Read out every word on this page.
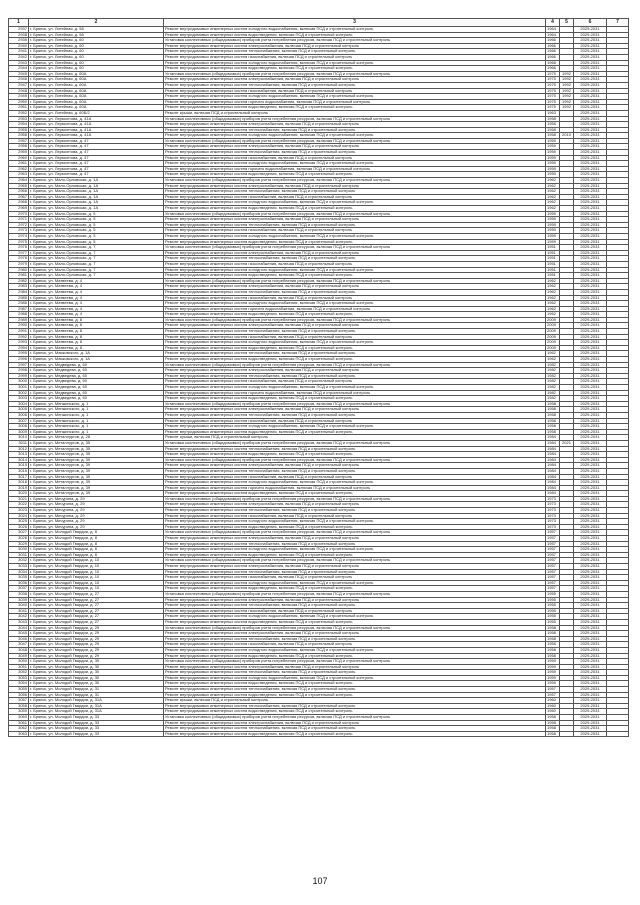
1	2	3	4	5	6	7
2937	г. Брянск, ул. Литейная, д. 58	Ремонт внутридомовых инженерных систем холодного водоснабжения, включая ПСД и строительный контроль	1964		2029-2031	
2938	г. Брянск, ул. Литейная, д. 58	Ремонт внутридомовых инженерных систем водоотведения, включая ПСД и строительный контроль	1964		2029-2031	
2939	г. Брянск, ул. Литейная, д. 60	Установка коллективных (общедомовых) приборов учета потребления ресурсов, включая ПСД и строительный контроль	1966		2029-2031	
2940	г. Брянск, ул. Литейная, д. 60	Ремонт внутридомовых инженерных систем электроснабжения, включая ПСД и строительный контроль	1966		2029-2031	
2941	г. Брянск, ул. Литейная, д. 60	Ремонт внутридомовых инженерных систем теплоснабжения, включая ПСД и строительный контроль	1966		2029-2031	
2942	г. Брянск, ул. Литейная, д. 60	Ремонт внутридомовых инженерных систем газоснабжения, включая ПСД и строительный контроль	1966		2029-2031	
2943	г. Брянск, ул. Литейная, д. 60	Ремонт внутридомовых инженерных систем холодного водоснабжения, включая ПСД и строительный контроль	1966		2029-2031	
2944	г. Брянск, ул. Литейная, д. 60	Ремонт внутридомовых инженерных систем водоотведения, включая ПСД и строительный контроль	1966		2029-2031	
2945	г. Брянск, ул. Литейная, д. 60А	Установка коллективных (общедомовых) приборов учета потребления ресурсов, включая ПСД и строительный контроль	1975	1992	2029-2031	
2946	г. Брянск, ул. Литейная, д. 60А	Ремонт внутридомовых инженерных систем электроснабжения, включая ПСД и строительный контроль	1975	1992	2029-2031	
2947	г. Брянск, ул. Литейная, д. 60А	Ремонт внутридомовых инженерных систем теплоснабжения, включая ПСД и строительный контроль	1975	1992	2029-2031	
2948	г. Брянск, ул. Литейная, д. 60А	Ремонт внутридомовых инженерных систем газоснабжения, включая ПСД и строительный контроль	1975	1992	2029-2031	
2949	г. Брянск, ул. Литейная, д. 60А	Ремонт внутридомовых инженерных систем холодного водоснабжения, включая ПСД и строительный контроль	1975	1992	2029-2031	
2950	г. Брянск, ул. Литейная, д. 60А	Ремонт внутридомовых инженерных систем горячего водоснабжения, включая ПСД и строительный контроль	1975	1992	2029-2031	
2951	г. Брянск, ул. Литейная, д. 60А	Ремонт внутридомовых инженерных систем водоотведения, включая ПСД и строительный контроль	1975	1992	2029-2031	
2952	г. Брянск, ул. Литейная, д. 60Б/2	Ремонт крыши, включая ПСД и строительный контроль	1963		2029-2031	
2953	г. Брянск, ул. Лермонтова, д. 41А	Установка коллективных (общедомовых) приборов учета потребления ресурсов, включая ПСД и строительный контроль	1958		2029-2031	
2954	г. Брянск, ул. Лермонтова, д. 41А	Ремонт внутридомовых инженерных систем электроснабжения, включая ПСД и строительный контроль	1958		2029-2031	
2955	г. Брянск, ул. Лермонтова, д. 41А	Ремонт внутридомовых инженерных систем теплоснабжения, включая ПСД и строительный контроль	1958		2029-2031	
2956	г. Брянск, ул. Лермонтова, д. 41А	Ремонт внутридомовых инженерных систем холодного водоснабжения, включая ПСД и строительный контроль	1958	2010	2029-2031	
2957	г. Брянск, ул. Лермонтова, д. 47	Установка коллективных (общедомовых) приборов учета потребления ресурсов, включая ПСД и строительный контроль	1959		2029-2031	
2958	г. Брянск, ул. Лермонтова, д. 47	Ремонт внутридомовых инженерных систем электроснабжения, включая ПСД и строительный контроль	1959		2029-2031	
2959	г. Брянск, ул. Лермонтова, д. 47	Ремонт внутридомовых инженерных систем теплоснабжения, включая ПСД и строительный контроль	1959		2029-2031	
2960	г. Брянск, ул. Лермонтова, д. 47	Ремонт внутридомовых инженерных систем газоснабжения, включая ПСД и строительный контроль	1959		2029-2031	
2961	г. Брянск, ул. Лермонтова, д. 47	Ремонт внутридомовых инженерных систем холодного водоснабжения, включая ПСД и строительный контроль	1959		2029-2031	
2962	г. Брянск, ул. Лермонтова, д. 47	Ремонт внутридомовых инженерных систем горячего водоснабжения, включая ПСД и строительный контроль	1959		2029-2031	
2963	г. Брянск, ул. Лермонтова, д. 47	Ремонт внутридомовых инженерных систем водоотведения, включая ПСД и строительный контроль	1959		2029-2031	
2964	г. Брянск, ул. Мало-Орловская, д. 1А	Установка коллективных (общедомовых) приборов учета потребления ресурсов, включая ПСД и строительный контроль	1962		2029-2031	
2965	г. Брянск, ул. Мало-Орловская, д. 1А	Ремонт внутридомовых инженерных систем электроснабжения, включая ПСД и строительный контроль	1962		2029-2031	
2966	г. Брянск, ул. Мало-Орловская, д. 1А	Ремонт внутридомовых инженерных систем теплоснабжения, включая ПСД и строительный контроль	1962		2029-2031	
2967	г. Брянск, ул. Мало-Орловская, д. 1А	Ремонт внутридомовых инженерных систем газоснабжения, включая ПСД и строительный контроль	1962		2029-2031	
2968	г. Брянск, ул. Мало-Орловская, д. 1А	Ремонт внутридомовых инженерных систем холодного водоснабжения, включая ПСД и строительный контроль	1962		2029-2031	
2969	г. Брянск, ул. Мало-Орловская, д. 1А	Ремонт внутридомовых инженерных систем водоотведения, включая ПСД и строительный контроль	1962		2029-2031	
2970	г. Брянск, ул. Мало-Орловская, д. 5	Установка коллективных (общедомовых) приборов учета потребления ресурсов, включая ПСД и строительный контроль	1959		2029-2031	
2971	г. Брянск, ул. Мало-Орловская, д. 5	Ремонт внутридомовых инженерных систем электроснабжения, включая ПСД и строительный контроль	1959		2029-2031	
2972	г. Брянск, ул. Мало-Орловская, д. 5	Ремонт внутридомовых инженерных систем теплоснабжения, включая ПСД и строительный контроль	1959		2029-2031	
2973	г. Брянск, ул. Мало-Орловская, д. 5	Ремонт внутридомовых инженерных систем газоснабжения, включая ПСД и строительный контроль	1959		2029-2031	
2974	г. Брянск, ул. Мало-Орловская, д. 5	Ремонт внутридомовых инженерных систем холодного водоснабжения, включая ПСД и строительный контроль	1959		2029-2031	
2975	г. Брянск, ул. Мало-Орловская, д. 5	Ремонт внутридомовых инженерных систем водоотведения, включая ПСД и строительный контроль	1959		2029-2031	
2976	г. Брянск, ул. Мало-Орловская, д. 7	Установка коллективных (общедомовых) приборов учета потребления ресурсов, включая ПСД и строительный контроль	1951		2029-2031	
2977	г. Брянск, ул. Мало-Орловская, д. 7	Ремонт внутридомовых инженерных систем электроснабжения, включая ПСД и строительный контроль	1951		2029-2031	
2978	г. Брянск, ул. Мало-Орловская, д. 7	Ремонт внутридомовых инженерных систем теплоснабжения, включая ПСД и строительный контроль	1951		2029-2031	
2979	г. Брянск, ул. Мало-Орловская, д. 7	Ремонт внутридомовых инженерных систем газоснабжения, включая ПСД и строительный контроль	1951		2029-2031	
2980	г. Брянск, ул. Мало-Орловская, д. 7	Ремонт внутридомовых инженерных систем холодного водоснабжения, включая ПСД и строительный контроль	1951		2029-2031	
2981	г. Брянск, ул. Мало-Орловская, д. 7	Ремонт внутридомовых инженерных систем водоотведения, включая ПСД и строительный контроль	1951		2029-2031	
2982	г. Брянск, ул. Матвеева, д. 4	Установка коллективных (общедомовых) приборов учета потребления ресурсов, включая ПСД и строительный контроль	1962		2029-2031	
2983	г. Брянск, ул. Матвеева, д. 4	Ремонт внутридомовых инженерных систем электроснабжения, включая ПСД и строительный контроль	1962		2029-2031	
2984	г. Брянск, ул. Матвеева, д. 4	Ремонт внутридомовых инженерных систем теплоснабжения, включая ПСД и строительный контроль	1962		2029-2031	
2985	г. Брянск, ул. Матвеева, д. 4	Ремонт внутридомовых инженерных систем газоснабжения, включая ПСД и строительный контроль	1962		2029-2031	
2986	г. Брянск, ул. Матвеева, д. 4	Ремонт внутридомовых инженерных систем холодного водоснабжения, включая ПСД и строительный контроль	1962		2029-2031	
2987	г. Брянск, ул. Матвеева, д. 4	Ремонт внутридомовых инженерных систем горячего водоснабжения, включая ПСД и строительный контроль	1962		2029-2031	
2988	г. Брянск, ул. Матвеева, д. 4	Ремонт внутридомовых инженерных систем водоотведения, включая ПСД и строительный контроль	1962		2029-2031	
2989	г. Брянск, ул. Матвеева, д. 8	Установка коллективных (общедомовых) приборов учета потребления ресурсов, включая ПСД и строительный контроль	2009		2029-2031	
2990	г. Брянск, ул. Матвеева, д. 8	Ремонт внутридомовых инженерных систем электроснабжения, включая ПСД и строительный контроль	2009		2029-2031	
2991	г. Брянск, ул. Матвеева, д. 8	Ремонт внутридомовых инженерных систем теплоснабжения, включая ПСД и строительный контроль	2009		2029-2031	
2992	г. Брянск, ул. Матвеева, д. 8	Ремонт внутридомовых инженерных систем газоснабжения, включая ПСД и строительный контроль	2009		2029-2031	
2993	г. Брянск, ул. Матвеева, д. 8	Ремонт внутридомовых инженерных систем холодного водоснабжения, включая ПСД и строительный контроль	2009		2029-2031	
2994	г. Брянск, ул. Матвеева, д. 8	Ремонт внутридомовых инженерных систем водоотведения, включая ПСД и строительный контроль	2009		2029-2031	
2995	г. Брянск, ул. Маяковского, д. 1А	Ремонт внутридомовых инженерных систем теплоснабжения, включая ПСД и строительный контроль	1962		2029-2031	
2996	г. Брянск, ул. Маяковского, д. 1А	Ремонт внутридомовых инженерных систем водоотведения, включая ПСД и строительный контроль	1962		2029-2031	
2997	г. Брянск, ул. Медведева, д. 60	Установка коллективных (общедомовых) приборов учета потребления ресурсов, включая ПСД и строительный контроль	1982		2029-2031	
2998	г. Брянск, ул. Медведева, д. 60	Ремонт внутридомовых инженерных систем электроснабжения, включая ПСД и строительный контроль	1982		2029-2031	
2999	г. Брянск, ул. Медведева, д. 60	Ремонт внутридомовых инженерных систем теплоснабжения, включая ПСД и строительный контроль	1982		2029-2031	
3000	г. Брянск, ул. Медведева, д. 60	Ремонт внутридомовых инженерных систем газоснабжения, включая ПСД и строительный контроль	1982		2029-2031	
3001	г. Брянск, ул. Медведева, д. 60	Ремонт внутридомовых инженерных систем холодного водоснабжения, включая ПСД и строительный контроль	1982		2029-2031	
3002	г. Брянск, ул. Медведева, д. 60	Ремонт внутридомовых инженерных систем горячего водоснабжения, включая ПСД и строительный контроль	1982		2029-2031	
3003	г. Брянск, ул. Медведева, д. 60	Ремонт внутридомовых инженерных систем водоотведения, включая ПСД и строительный контроль	1982		2029-2031	
3004	г. Брянск, ул. Менжинского, д. 1	Установка коллективных (общедомовых) приборов учета потребления ресурсов, включая ПСД и строительный контроль	1958		2029-2031	
3005	г. Брянск, ул. Менжинского, д. 1	Ремонт внутридомовых инженерных систем электроснабжения, включая ПСД и строительный контроль	1958		2029-2031	
3006	г. Брянск, ул. Менжинского, д. 1	Ремонт внутридомовых инженерных систем теплоснабжения, включая ПСД и строительный контроль	1958		2029-2031	
3007	г. Брянск, ул. Менжинского, д. 1	Ремонт внутридомовых инженерных систем газоснабжения, включая ПСД и строительный контроль	1958		2029-2031	
3008	г. Брянск, ул. Менжинского, д. 1	Ремонт внутридомовых инженерных систем холодного водоснабжения, включая ПСД и строительный контроль	1958		2029-2031	
3009	г. Брянск, ул. Менжинского, д. 1	Ремонт внутридомовых инженерных систем водоотведения, включая ПСД и строительный контроль	1958		2029-2031	
3010	г. Брянск, ул. Металлургов, д. 28	Ремонт крыши, включая ПСД и строительный контроль	1984		2029-2031	
3011	г. Брянск, ул. Металлургов, д. 35	Установка коллективных (общедомовых) приборов учета потребления ресурсов, включая ПСД и строительный контроль	1984	2021	2029-2031	
3012	г. Брянск, ул. Металлургов, д. 35	Ремонт внутридомовых инженерных систем теплоснабжения, включая ПСД и строительный контроль	1984		2029-2031	
3013	г. Брянск, ул. Металлургов, д. 35	Ремонт внутридомовых инженерных систем водоотведения, включая ПСД и строительный контроль	1984		2029-2031	
3014	г. Брянск, ул. Металлургов, д. 39	Установка коллективных (общедомовых) приборов учета потребления ресурсов, включая ПСД и строительный контроль	1984		2029-2031	
3015	г. Брянск, ул. Металлургов, д. 39	Ремонт внутридомовых инженерных систем электроснабжения, включая ПСД и строительный контроль	1984		2029-2031	
3016	г. Брянск, ул. Металлургов, д. 39	Ремонт внутридомовых инженерных систем теплоснабжения, включая ПСД и строительный контроль	1984		2029-2031	
3017	г. Брянск, ул. Металлургов, д. 39	Ремонт внутридомовых инженерных систем газоснабжения, включая ПСД и строительный контроль	1984		2029-2031	
3018	г. Брянск, ул. Металлургов, д. 39	Ремонт внутридомовых инженерных систем холодного водоснабжения, включая ПСД и строительный контроль	1984		2029-2031	
3019	г. Брянск, ул. Металлургов, д. 39	Ремонт внутридомовых инженерных систем горячего водоснабжения, включая ПСД и строительный контроль	1984		2029-2031	
3020	г. Брянск, ул. Металлургов, д. 39	Ремонт внутридомовых инженерных систем водоотведения, включая ПСД и строительный контроль	1984		2029-2031	
3021	г. Брянск, ул. Мичурина, д. 29	Установка коллективных (общедомовых) приборов учета потребления ресурсов, включая ПСД и строительный контроль	1973		2029-2031	
3022	г. Брянск, ул. Мичурина, д. 29	Ремонт внутридомовых инженерных систем электроснабжения, включая ПСД и строительный контроль	1973		2029-2031	
3023	г. Брянск, ул. Мичурина, д. 29	Ремонт внутридомовых инженерных систем теплоснабжения, включая ПСД и строительный контроль	1973		2029-2031	
3024	г. Брянск, ул. Мичурина, д. 29	Ремонт внутридомовых инженерных систем газоснабжения, включая ПСД и строительный контроль	1973		2029-2031	
3025	г. Брянск, ул. Мичурина, д. 29	Ремонт внутридомовых инженерных систем холодного водоснабжения, включая ПСД и строительный контроль	1973		2029-2031	
3026	г. Брянск, ул. Мичурина, д. 29	Ремонт внутридомовых инженерных систем водоотведения, включая ПСД и строительный контроль	1973		2029-2031	
3027	г. Брянск, ул. Молодой Гвардии, д. 8	Установка коллективных (общедомовых) приборов учета потребления ресурсов, включая ПСД и строительный контроль	1957		2029-2031	
3028	г. Брянск, ул. Молодой Гвардии, д. 8	Ремонт внутридомовых инженерных систем электроснабжения, включая ПСД и строительный контроль	1957		2029-2031	
3029	г. Брянск, ул. Молодой Гвардии, д. 8	Ремонт внутридомовых инженерных систем теплоснабжения, включая ПСД и строительный контроль	1957		2029-2031	
3030	г. Брянск, ул. Молодой Гвардии, д. 8	Ремонт внутридомовых инженерных систем холодного водоснабжения, включая ПСД и строительный контроль	1957		2029-2031	
3031	г. Брянск, ул. Молодой Гвардии, д. 8	Ремонт внутридомовых инженерных систем водоотведения, включая ПСД и строительный контроль	1957		2029-2031	
3032	г. Брянск, ул. Молодой Гвардии, д. 10	Установка коллективных (общедомовых) приборов учета потребления ресурсов, включая ПСД и строительный контроль	1957		2029-2031	
3033	г. Брянск, ул. Молодой Гвардии, д. 10	Ремонт внутридомовых инженерных систем электроснабжения, включая ПСД и строительный контроль	1957		2029-2031	
3034	г. Брянск, ул. Молодой Гвардии, д. 10	Ремонт внутридомовых инженерных систем теплоснабжения, включая ПСД и строительный контроль	1957		2029-2031	
3035	г. Брянск, ул. Молодой Гвардии, д. 10	Ремонт внутридомовых инженерных систем газоснабжения, включая ПСД и строительный контроль	1957		2029-2031	
3036	г. Брянск, ул. Молодой Гвардии, д. 10	Ремонт внутридомовых инженерных систем холодного водоснабжения, включая ПСД и строительный контроль	1957		2029-2031	
3037	г. Брянск, ул. Молодой Гвардии, д. 10	Ремонт внутридомовых инженерных систем водоотведения, включая ПСД и строительный контроль	1957		2029-2031	
3038	г. Брянск, ул. Молодой Гвардии, д. 27	Установка коллективных (общедомовых) приборов учета потребления ресурсов, включая ПСД и строительный контроль	1955		2029-2031	
3039	г. Брянск, ул. Молодой Гвардии, д. 27	Ремонт внутридомовых инженерных систем электроснабжения, включая ПСД и строительный контроль	1955		2029-2031	
3040	г. Брянск, ул. Молодой Гвардии, д. 27	Ремонт внутридомовых инженерных систем теплоснабжения, включая ПСД и строительный контроль	1955		2029-2031	
3041	г. Брянск, ул. Молодой Гвардии, д. 27	Ремонт внутридомовых инженерных систем газоснабжения, включая ПСД и строительный контроль	1955		2029-2031	
3042	г. Брянск, ул. Молодой Гвардии, д. 27	Ремонт внутридомовых инженерных систем холодного водоснабжения, включая ПСД и строительный контроль	1955		2029-2031	
3043	г. Брянск, ул. Молодой Гвардии, д. 27	Ремонт внутридомовых инженерных систем водоотведения, включая ПСД и строительный контроль	1955		2029-2031	
3044	г. Брянск, ул. Молодой Гвардии, д. 29	Установка коллективных (общедомовых) приборов учета потребления ресурсов, включая ПСД и строительный контроль	1958		2029-2031	
3045	г. Брянск, ул. Молодой Гвардии, д. 29	Ремонт внутридомовых инженерных систем электроснабжения, включая ПСД и строительный контроль	1958		2029-2031	
3046	г. Брянск, ул. Молодой Гвардии, д. 29	Ремонт внутридомовых инженерных систем теплоснабжения, включая ПСД и строительный контроль	1958		2029-2031	
3047	г. Брянск, ул. Молодой Гвардии, д. 29	Ремонт внутридомовых инженерных систем газоснабжения, включая ПСД и строительный контроль	1958		2029-2031	
3048	г. Брянск, ул. Молодой Гвардии, д. 29	Ремонт внутридомовых инженерных систем холодного водоснабжения, включая ПСД и строительный контроль	1958		2029-2031	
3049	г. Брянск, ул. Молодой Гвардии, д. 29	Ремонт внутридомовых инженерных систем водоотведения, включая ПСД и строительный контроль	1958		2029-2031	
3050	г. Брянск, ул. Молодой Гвардии, д. 30	Установка коллективных (общедомовых) приборов учета потребления ресурсов, включая ПСД и строительный контроль	1959		2029-2031	
3051	г. Брянск, ул. Молодой Гвардии, д. 30	Ремонт внутридомовых инженерных систем электроснабжения, включая ПСД и строительный контроль	1959		2029-2031	
3052	г. Брянск, ул. Молодой Гвардии, д. 30	Ремонт внутридомовых инженерных систем теплоснабжения, включая ПСД и строительный контроль	1959		2029-2031	
3053	г. Брянск, ул. Молодой Гвардии, д. 30	Ремонт внутридомовых инженерных систем холодного водоснабжения, включая ПСД и строительный контроль	1959		2029-2031	
3054	г. Брянск, ул. Молодой Гвардии, д. 30	Ремонт внутридомовых инженерных систем водоотведения, включая ПСД и строительный контроль	1959		2029-2031	
3055	г. Брянск, ул. Молодой Гвардии, д. 31	Ремонт внутридомовых инженерных систем теплоснабжения, включая ПСД и строительный контроль	1957		2029-2031	
3056	г. Брянск, ул. Молодой Гвардии, д. 31	Ремонт внутридомовых инженерных систем водоотведения, включая ПСД и строительный контроль	1957		2029-2031	
3057	г. Брянск, ул. Молодой Гвардии, д. 31А	Ремонт крыши, включая ПСД и строительный контроль	1960		2029-2031	
3058	г. Брянск, ул. Молодой Гвардии, д. 31А	Ремонт внутридомовых инженерных систем теплоснабжения, включая ПСД и строительный контроль	1960		2029-2031	
3059	г. Брянск, ул. Молодой Гвардии, д. 31А	Ремонт внутридомовых инженерных систем водоотведения, включая ПСД и строительный контроль	1960		2029-2031	
3060	г. Брянск, ул. Молодой Гвардии, д. 33	Установка коллективных (общедомовых) приборов учета потребления ресурсов, включая ПСД и строительный контроль	1958		2029-2031	
3061	г. Брянск, ул. Молодой Гвардии, д. 33	Ремонт внутридомовых инженерных систем электроснабжения, включая ПСД и строительный контроль	1958		2029-2031	
3062	г. Брянск, ул. Молодой Гвардии, д. 33	Ремонт внутридомовых инженерных систем теплоснабжения, включая ПСД и строительный контроль	1958		2029-2031	
3063	г. Брянск, ул. Молодой Гвардии, д. 33	Ремонт внутридомовых инженерных систем водоотведения, включая ПСД и строительный контроль	1958		2029-2031	
107
